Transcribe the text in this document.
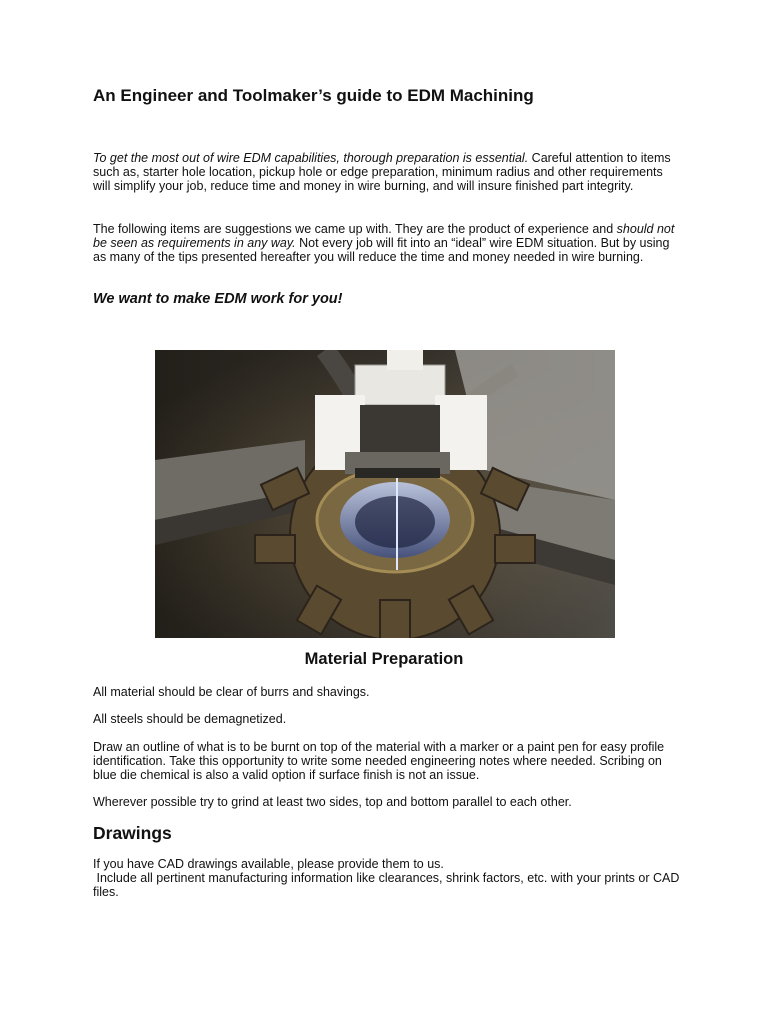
An Engineer and Toolmaker’s guide to EDM Machining

To get the most out of wire EDM capabilities, thorough preparation is essential. Careful attention to items such as, starter hole location, pickup hole or edge preparation, minimum radius and other requirements will simplify your job, reduce time and money in wire burning, and will insure finished part integrity.

The following items are suggestions we came up with. They are the product of experience and should not be seen as requirements in any way. Not every job will fit into an “ideal” wire EDM situation. But by using as many of the tips presented hereafter you will reduce the time and money needed in wire burning.

We want to make EDM work for you!

Material Preparation

All material should be clear of burrs and shavings.

All steels should be demagnetized.

Draw an outline of what is to be burnt on top of the material with a marker or a paint pen for easy profile identification. Take this opportunity to write some needed engineering notes where needed. Scribing on blue die chemical is also a valid option if surface finish is not an issue.

Wherever possible try to grind at least two sides, top and bottom parallel to each other.

Drawings

If you have CAD drawings available, please provide them to us.

Include all pertinent manufacturing information like clearances, shrink factors, etc. with your prints or CAD files.
